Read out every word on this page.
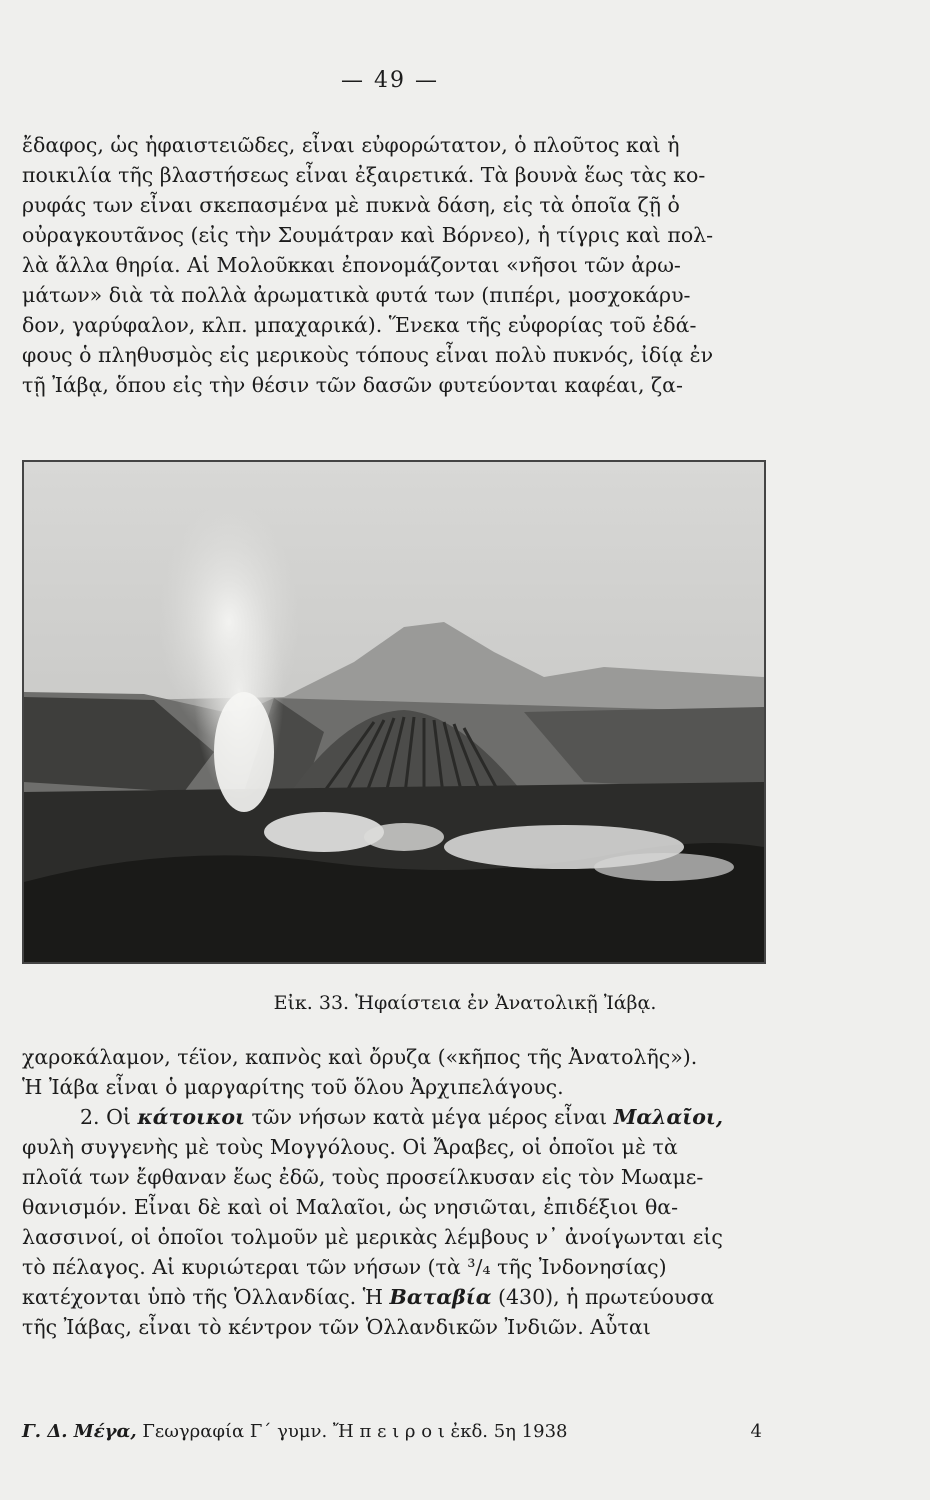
— 49 —
ἔδαφος, ὡς ἡφαιστειῶδες, εἶναι εὐφορώτατον, ὁ πλοῦτος καὶ ἡ
ποικιλία τῆς βλαστήσεως εἶναι ἐξαιρετικά. Τὰ βουνὰ ἕως τὰς κο-
ρυφάς των εἶναι σκεπασμένα μὲ πυκνὰ δάση, εἰς τὰ ὁποῖα ζῇ ὁ
οὐραγκουτᾶνος (εἰς τὴν Σουμάτραν καὶ Βόρνεο), ἡ τίγρις καὶ πολ-
λὰ ἄλλα θηρία. Αἱ Μολοῦκκαι ἐπονομάζονται «νῆσοι τῶν ἀρω-
μάτων» διὰ τὰ πολλὰ ἀρωματικὰ φυτά των (πιπέρι, μοσχοκάρυ-
δον, γαρύφαλον, κλπ. μπαχαρικά). Ἕνεκα τῆς εὐφορίας τοῦ ἐδά-
φους ὁ πληθυσμὸς εἰς μερικοὺς τόπους εἶναι πολὺ πυκνός, ἰδίᾳ ἐν
τῇ Ἰάβᾳ, ὅπου εἰς τὴν θέσιν τῶν δασῶν φυτεύονται καφέαι, ζα-
Εἰκ. 33. Ἡφαίστεια ἐν Ἀνατολικῇ Ἰάβᾳ.
χαροκάλαμον, τέϊον, καπνὸς καὶ ὄρυζα («κῆπος τῆς Ἀνατολῆς»).
Ἡ Ἰάβα εἶναι ὁ μαργαρίτης τοῦ ὅλου Ἀρχιπελάγους.
2. Οἱ κάτοικοι τῶν νήσων κατὰ μέγα μέρος εἶναι Μαλαῖοι,
φυλὴ συγγενὴς μὲ τοὺς Μογγόλους. Οἱ Ἄραβες, οἱ ὁποῖοι μὲ τὰ
πλοῖά των ἔφθαναν ἕως ἐδῶ, τοὺς προσείλκυσαν εἰς τὸν Μωαμε-
θανισμόν. Εἶναι δὲ καὶ οἱ Μαλαῖοι, ὡς νησιῶται, ἐπιδέξιοι θα-
λασσινοί, οἱ ὁποῖοι τολμοῦν μὲ μερικὰς λέμβους ν᾿ ἀνοίγωνται εἰς
τὸ πέλαγος. Αἱ κυριώτεραι τῶν νήσων (τὰ ³/₄ τῆς Ἰνδονησίας)
κατέχονται ὑπὸ τῆς Ὁλλανδίας. Ἡ Βαταβία (430), ἡ πρωτεύουσα
τῆς Ἰάβας, εἶναι τὸ κέντρον τῶν Ὁλλανδικῶν Ἰνδιῶν. Αὗται
Γ. Δ. Μέγα, Γεωγραφία Γ´ γυμν. Ἤ π ε ι ρ ο ι ἐκδ. 5η 1938	4
